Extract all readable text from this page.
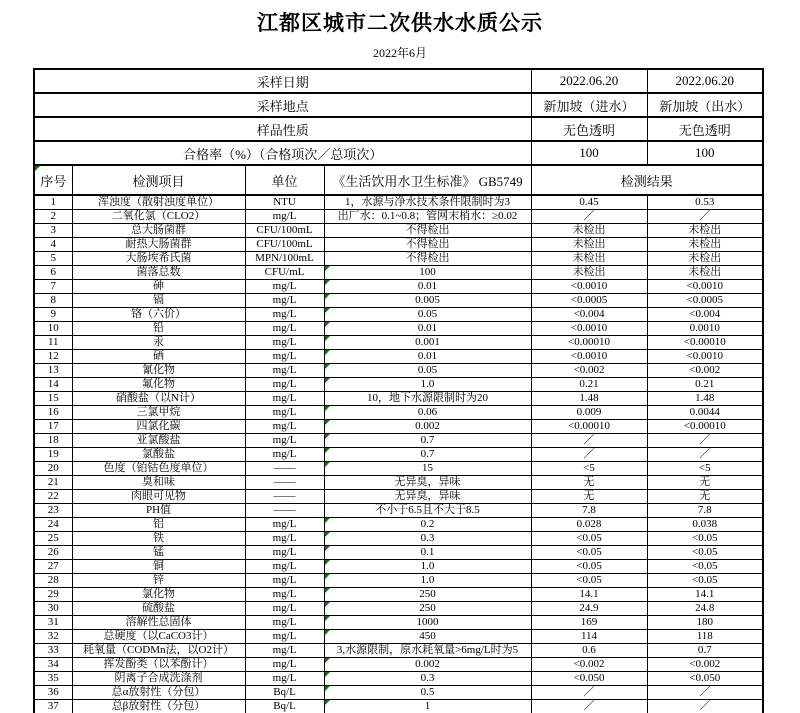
江都区城市二次供水水质公示
2022年6月
采样日期				2022.06.20	2022.06.20
采样地点				新加坡（进水）	新加坡（出水）
样品性质				无色透明	无色透明
合格率（%）（合格项次／总项次）				100	100

序号	检测项目	单位	《生活饮用水卫生标准》 GB5749	检测结果	
1	浑浊度（散射浊度单位）	NTU	1，水源与净水技术条件限制时为3	0.45	0.53
2	二氧化氯（CLO2）	mg/L	出厂水：0.1~0.8；管网末梢水：≥0.02	／	／
3	总大肠菌群	CFU/100mL	不得检出	未检出	未检出
4	耐热大肠菌群	CFU/100mL	不得检出	未检出	未检出
5	大肠埃希氏菌	MPN/100mL	不得检出	未检出	未检出
6	菌落总数	CFU/mL	100	未检出	未检出
7	砷	mg/L	0.01	<0.0010	<0.0010
8	镉	mg/L	0.005	<0.0005	<0.0005
9	铬（六价）	mg/L	0.05	<0.004	<0.004
10	铅	mg/L	0.01	<0.0010	0.0010
11	汞	mg/L	0.001	<0.00010	<0.00010
12	硒	mg/L	0.01	<0.0010	<0.0010
13	氰化物	mg/L	0.05	<0.002	<0.002
14	氟化物	mg/L	1.0	0.21	0.21
15	硝酸盐（以N计）	mg/L	10，地下水源限制时为20	1.48	1.48
16	三氯甲烷	mg/L	0.06	0.009	0.0044
17	四氯化碳	mg/L	0.002	<0.00010	<0.00010
18	亚氯酸盐	mg/L	0.7	／	／
19	氯酸盐	mg/L	0.7	／	／
20	色度（铂钴色度单位）	——	15	<5	<5
21	臭和味	——	无异臭，异味	无	无
22	肉眼可见物	——	无异臭，异味	无	无
23	PH值	——	不小于6.5且不大于8.5	7.8	7.8
24	铝	mg/L	0.2	0.028	0.038
25	铁	mg/L	0.3	<0.05	<0.05
26	锰	mg/L	0.1	<0.05	<0.05
27	铜	mg/L	1.0	<0.05	<0.05
28	锌	mg/L	1.0	<0.05	<0.05
29	氯化物	mg/L	250	14.1	14.1
30	硫酸盐	mg/L	250	24.9	24.8
31	溶解性总固体	mg/L	1000	169	180
32	总硬度（以CaCO3计）	mg/L	450	114	118
33	耗氧量（CODMn法，以O2计）	mg/L	3,水源限制，原水耗氧量>6mg/L时为5	0.6	0.7
34	挥发酚类（以苯酚计）	mg/L	0.002	<0.002	<0.002
35	阴离子合成洗涤剂	mg/L	0.3	<0.050	<0.050
36	总α放射性（分包）	Bq/L	0.5	／	／
37	总β放射性（分包）	Bq/L	1	／	／
